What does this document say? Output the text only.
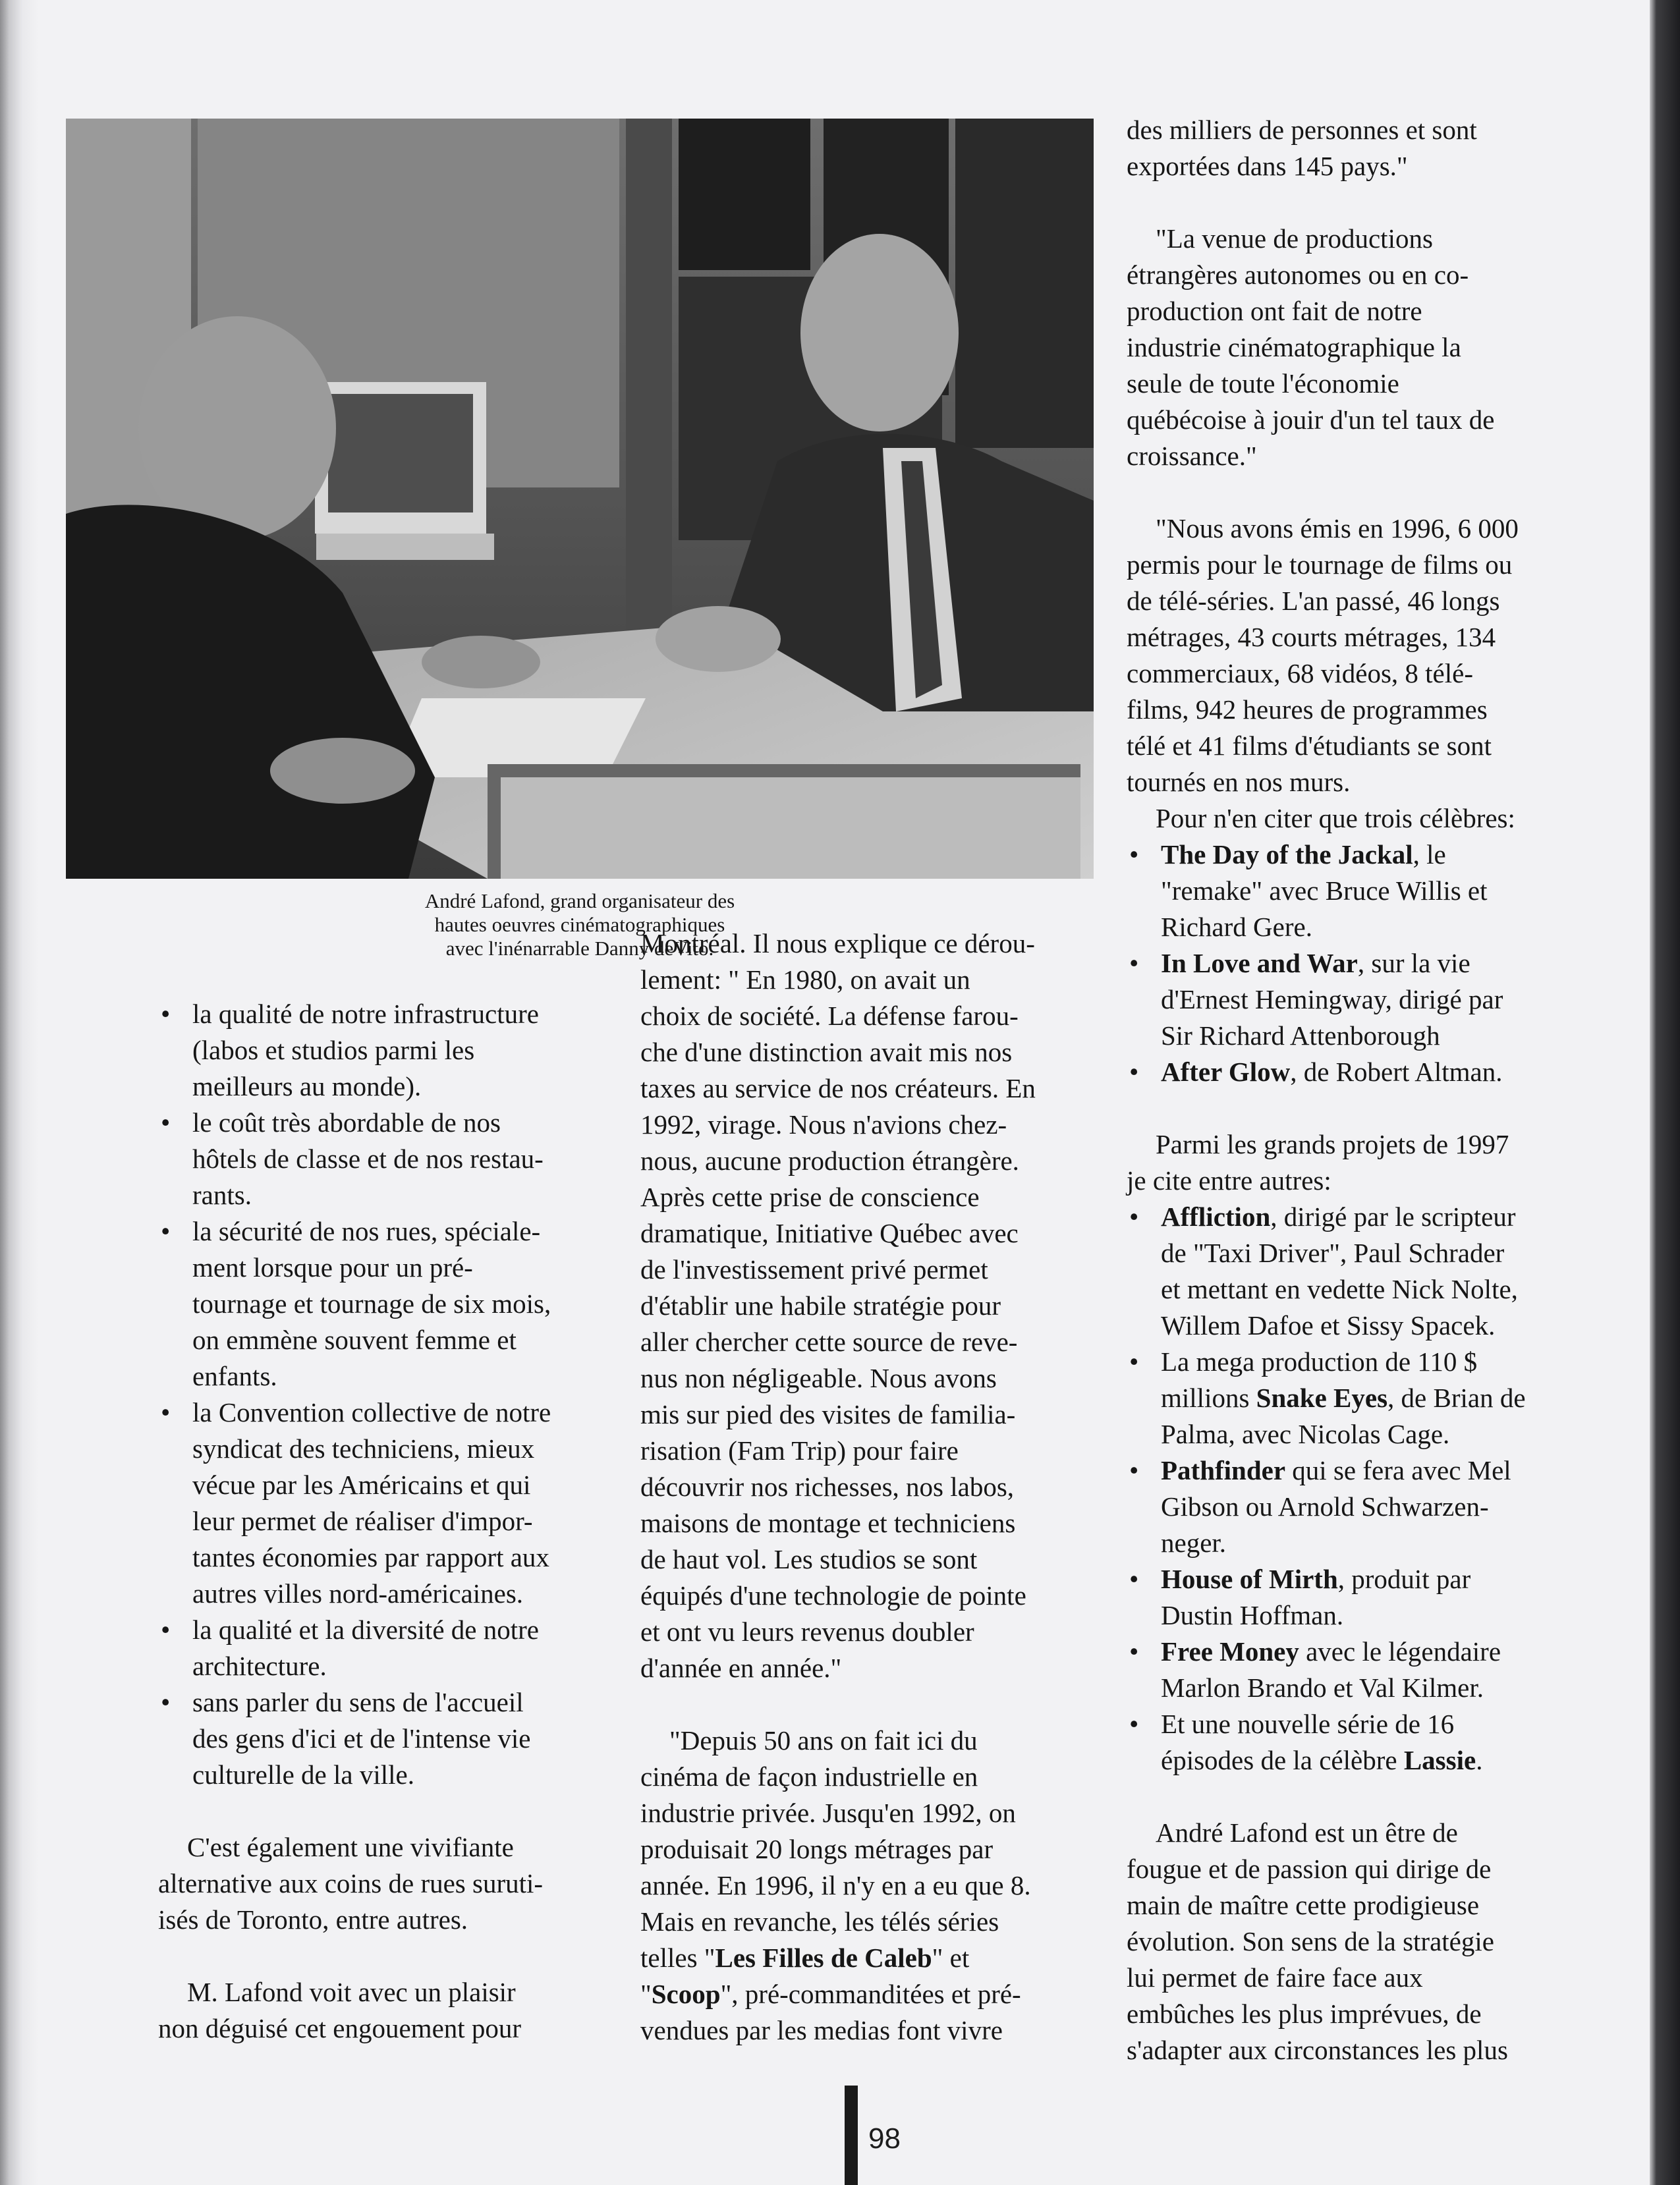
André Lafond, grand organisateur des
hautes oeuvres cinématographiques
avec l'inénarrable Danny deVito.
• la qualité de notre infrastructure
(labos et studios parmi les
meilleurs au monde).
• le coût très abordable de nos
hôtels de classe et de nos restau-
rants.
• la sécurité de nos rues, spéciale-
ment lorsque pour un pré-
tournage et tournage de six mois,
on emmène souvent femme et
enfants.
• la Convention collective de notre
syndicat des techniciens, mieux
vécue par les Américains et qui
leur permet de réaliser d'impor-
tantes économies par rapport aux
autres villes nord-américaines.
• la qualité et la diversité de notre
architecture.
• sans parler du sens de l'accueil
des gens d'ici et de l'intense vie
culturelle de la ville.
C'est également une vivifiante
alternative aux coins de rues suruti-
isés de Toronto, entre autres.
M. Lafond voit avec un plaisir
non déguisé cet engouement pour
Montréal. Il nous explique ce dérou-
lement: " En 1980, on avait un
choix de société. La défense farou-
che d'une distinction avait mis nos
taxes au service de nos créateurs. En
1992, virage. Nous n'avions chez-
nous, aucune production étrangère.
Après cette prise de conscience
dramatique, Initiative Québec avec
de l'investissement privé permet
d'établir une habile stratégie pour
aller chercher cette source de reve-
nus non négligeable. Nous avons
mis sur pied des visites de familia-
risation (Fam Trip) pour faire
découvrir nos richesses, nos labos,
maisons de montage et techniciens
de haut vol. Les studios se sont
équipés d'une technologie de pointe
et ont vu leurs revenus doubler
d'année en année."
"Depuis 50 ans on fait ici du
cinéma de façon industrielle en
industrie privée. Jusqu'en 1992, on
produisait 20 longs métrages par
année. En 1996, il n'y en a eu que 8.
Mais en revanche, les télés séries
telles "Les Filles de Caleb" et
"Scoop", pré-commanditées et pré-
vendues par les medias font vivre
des milliers de personnes et sont
exportées dans 145 pays."
"La venue de productions
étrangères autonomes ou en co-
production ont fait de notre
industrie cinématographique la
seule de toute l'économie
québécoise à jouir d'un tel taux de
croissance."
"Nous avons émis en 1996, 6 000
permis pour le tournage de films ou
de télé-séries. L'an passé, 46 longs
métrages, 43 courts métrages, 134
commerciaux, 68 vidéos, 8 télé-
films, 942 heures de programmes
télé et 41 films d'étudiants se sont
tournés en nos murs.
Pour n'en citer que trois célèbres:
• The Day of the Jackal, le
"remake" avec Bruce Willis et
Richard Gere.
• In Love and War, sur la vie
d'Ernest Hemingway, dirigé par
Sir Richard Attenborough
• After Glow, de Robert Altman.
Parmi les grands projets de 1997
je cite entre autres:
• Affliction, dirigé par le scripteur
de "Taxi Driver", Paul Schrader
et mettant en vedette Nick Nolte,
Willem Dafoe et Sissy Spacek.
• La mega production de 110 $
millions Snake Eyes, de Brian de
Palma, avec Nicolas Cage.
• Pathfinder qui se fera avec Mel
Gibson ou Arnold Schwarzen-
neger.
• House of Mirth, produit par
Dustin Hoffman.
• Free Money avec le légendaire
Marlon Brando et Val Kilmer.
• Et une nouvelle série de 16
épisodes de la célèbre Lassie.
André Lafond est un être de
fougue et de passion qui dirige de
main de maître cette prodigieuse
évolution. Son sens de la stratégie
lui permet de faire face aux
embûches les plus imprévues, de
s'adapter aux circonstances les plus
98
